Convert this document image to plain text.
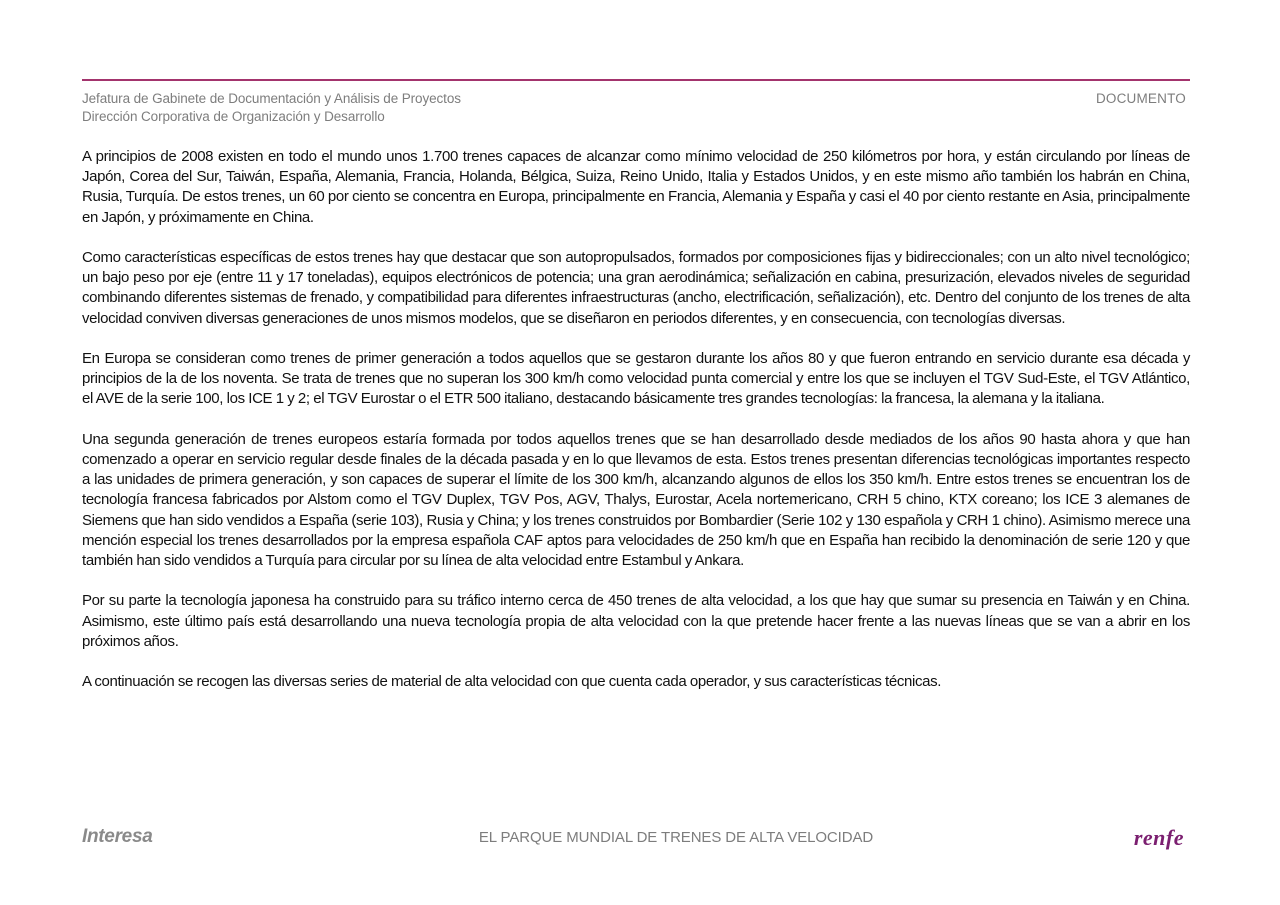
Jefatura de Gabinete de Documentación y Análisis de Proyectos
Dirección Corporativa de Organización y Desarrollo
DOCUMENTO

A principios de 2008 existen en todo el mundo unos 1.700 trenes capaces de alcanzar como mínimo velocidad de 250 kilómetros por hora, y están circulando por líneas de Japón, Corea del Sur, Taiwán, España, Alemania, Francia, Holanda, Bélgica, Suiza, Reino Unido, Italia y Estados Unidos, y en este mismo año también los habrán en China, Rusia, Turquía. De estos trenes, un 60 por ciento se concentra en Europa, principalmente en Francia, Alemania y España y casi el 40 por ciento restante en Asia, principalmente en Japón, y próximamente en China.

Como características específicas de estos trenes hay que destacar que son autopropulsados, formados por composiciones fijas y bidireccionales; con un alto nivel tecnológico; un bajo peso por eje (entre 11 y 17 toneladas), equipos electrónicos de potencia; una gran aerodinámica; señalización en cabina, presurización, elevados niveles de seguridad combinando diferentes sistemas de frenado, y compatibilidad para diferentes infraestructuras (ancho, electrificación, señalización), etc. Dentro del conjunto de los trenes de alta velocidad conviven diversas generaciones de unos mismos modelos, que se diseñaron en periodos diferentes, y en consecuencia, con tecnologías diversas.

En Europa se consideran como trenes de primer generación a todos aquellos que se gestaron durante los años 80 y que fueron entrando en servicio durante esa década y principios de la de los noventa. Se trata de trenes que no superan los 300 km/h como velocidad punta comercial y entre los que se incluyen el TGV Sud-Este, el TGV Atlántico, el AVE de la serie 100, los ICE 1 y 2; el TGV Eurostar o el ETR 500 italiano, destacando básicamente tres grandes tecnologías: la francesa, la alemana y la italiana.

Una segunda generación de trenes europeos estaría formada por todos aquellos trenes que se han desarrollado desde mediados de los años 90 hasta ahora y que han comenzado a operar en servicio regular desde finales de la década pasada y en lo que llevamos de esta. Estos trenes presentan diferencias tecnológicas importantes respecto a las unidades de primera generación, y son capaces de superar el límite de los 300 km/h, alcanzando algunos de ellos los 350 km/h. Entre estos trenes se encuentran los de tecnología francesa fabricados por Alstom como el TGV Duplex, TGV Pos, AGV, Thalys, Eurostar, Acela nortemericano, CRH 5 chino, KTX coreano; los ICE 3 alemanes de Siemens que han sido vendidos a España (serie 103), Rusia y China; y los trenes construidos por Bombardier (Serie 102 y 130 española y CRH 1 chino). Asimismo merece una mención especial los trenes desarrollados por la empresa española CAF aptos para velocidades de 250 km/h que en España han recibido la denominación de serie 120 y que también han sido vendidos a Turquía para circular por su línea de alta velocidad entre Estambul y Ankara.

Por su parte la tecnología japonesa ha construido para su tráfico interno cerca de 450 trenes de alta velocidad, a los que hay que sumar su presencia en Taiwán y en China. Asimismo, este último país está desarrollando una nueva tecnología propia de alta velocidad con la que pretende hacer frente a las nuevas líneas que se van a abrir en los próximos años.

A continuación se recogen las diversas series de material de alta velocidad con que cuenta cada operador, y sus características técnicas.

Interesa	EL PARQUE MUNDIAL DE TRENES DE ALTA VELOCIDAD	renfe
